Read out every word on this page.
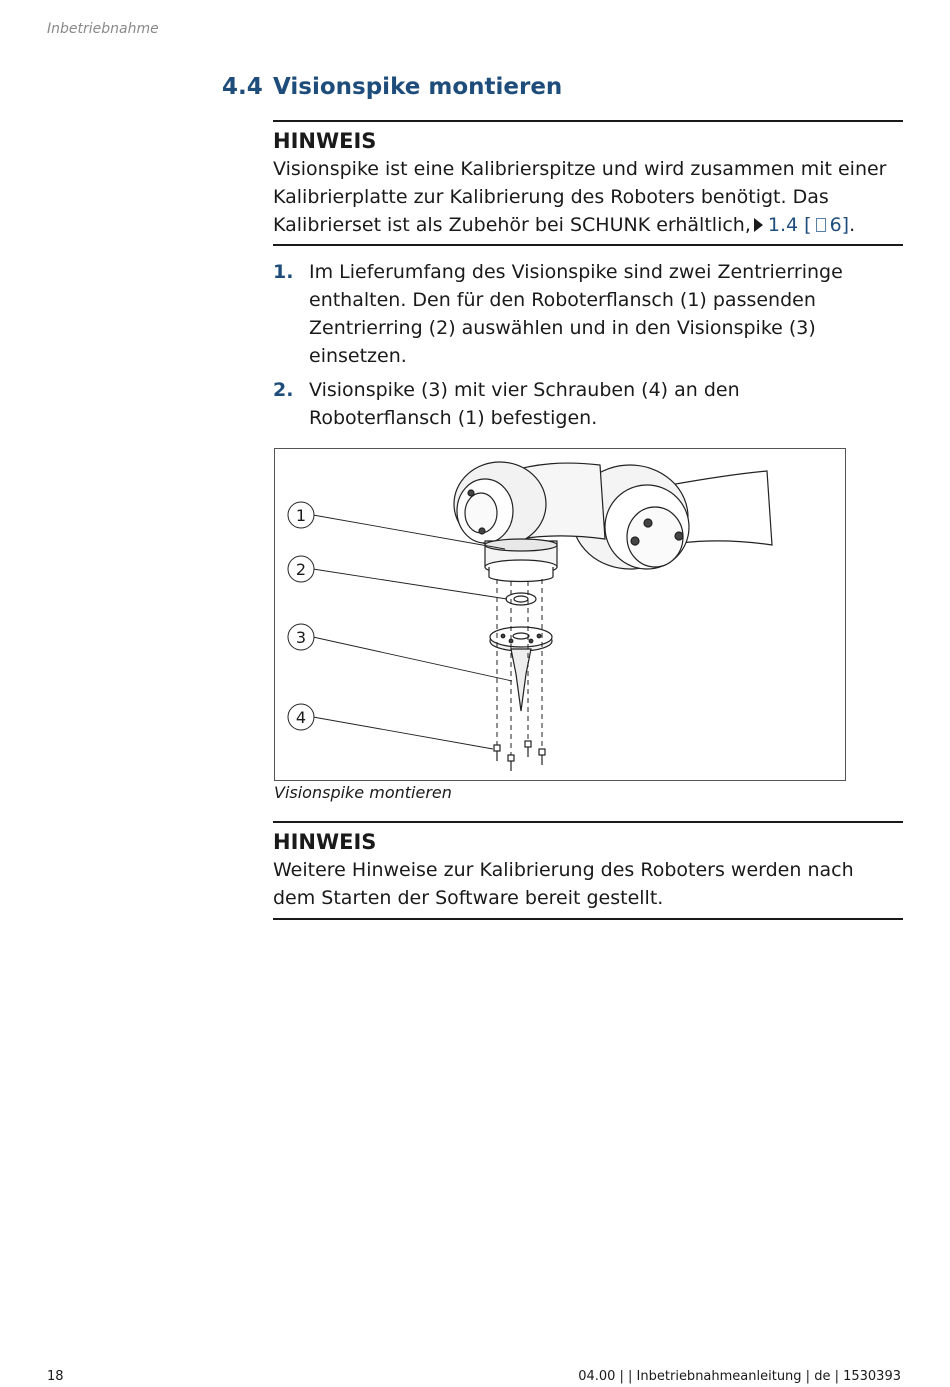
Inbetriebnahme
4.4 Visionspike montieren
HINWEIS
Visionspike ist eine Kalibrierspitze und wird zusammen mit einer
Kalibrierplatte zur Kalibrierung des Roboters benötigt. Das
Kalibrierset ist als Zubehör bei SCHUNK erhältlich, 1.4 [ 6].
1. Im Lieferumfang des Visionspike sind zwei Zentrierringe
enthalten. Den für den Roboterflansch (1) passenden
Zentrierring (2) auswählen und in den Visionspike (3)
einsetzen.
2. Visionspike (3) mit vier Schrauben (4) an den
Roboterflansch (1) befestigen.
1
2
3
4
Visionspike montieren
HINWEIS
Weitere Hinweise zur Kalibrierung des Roboters werden nach
dem Starten der Software bereit gestellt.
18	04.00 | | Inbetriebnahmeanleitung | de | 1530393
